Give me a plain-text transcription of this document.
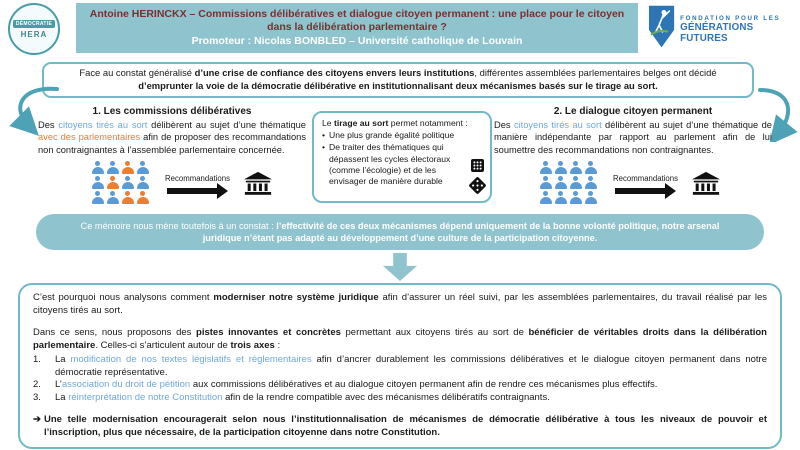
DÉMOCRATIE
HERA
Antoine HERINCKX – Commissions délibératives et dialogue citoyen permanent : une place pour le citoyen dans la délibération parlementaire ?
Promoteur : Nicolas BONBLED – Université catholique de Louvain
FONDATION POUR LES
GÉNÉRATIONS FUTURES

Face au constat généralisé d’une crise de confiance des citoyens envers leurs institutions, différentes assemblées parlementaires belges ont décidé d’emprunter la voie de la démocratie délibérative en institutionnalisant deux mécanismes basés sur le tirage au sort.

1. Les commissions délibératives

Des citoyens tirés au sort délibèrent au sujet d’une thématique avec des parlementaires afin de proposer des recommandations non contraignantes à l’assemblée parlementaire concernée.

Le tirage au sort permet notamment :

• Une plus grande égalité politique
• De traiter des thématiques qui dépassent les cycles électoraux (comme l’écologie) et de les envisager de manière durable
2. Le dialogue citoyen permanent

Des citoyens tirés au sort délibèrent au sujet d’une thématique de manière indépendante par rapport au parlement afin de lui soumettre des recommandations non contraignantes.

Recommandations	Recommandations

Ce mémoire nous mène toutefois à un constat : l’effectivité de ces deux mécanismes dépend uniquement de la bonne volonté politique, notre arsenal juridique n’étant pas adapté au développement d’une culture de la participation citoyenne.

C’est pourquoi nous analysons comment moderniser notre système juridique afin d’assurer un réel suivi, par les assemblées parlementaires, du travail réalisé par les citoyens tirés au sort.

Dans ce sens, nous proposons des pistes innovantes et concrètes permettant aux citoyens tirés au sort de bénéficier de véritables droits dans la délibération parlementaire. Celles-ci s’articulent autour de trois axes :

1.	La modification de nos textes législatifs et réglementaires afin d’ancrer durablement les commissions délibératives et le dialogue citoyen permanent dans notre démocratie représentative.
2.	L’association du droit de pétition aux commissions délibératives et au dialogue citoyen permanent afin de rendre ces mécanismes plus effectifs.
3.	La réinterprétation de notre Constitution afin de la rendre compatible avec des mécanismes délibératifs contraignants.
➔ Une telle modernisation encouragerait selon nous l’institutionnalisation de mécanismes de démocratie délibérative à tous les niveaux de pouvoir et l’inscription, plus que nécessaire, de la participation citoyenne dans notre Constitution.
